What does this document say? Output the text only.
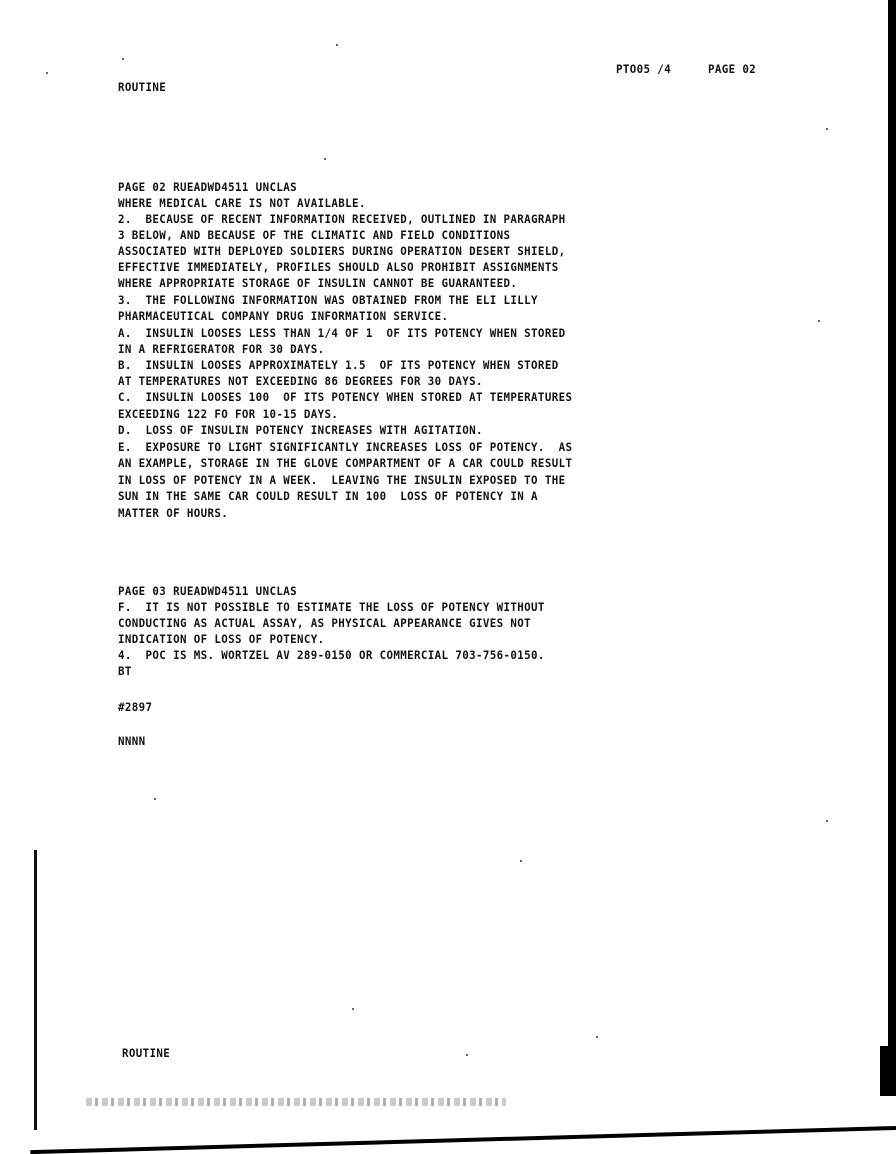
PTO05 /4	PAGE 02
ROUTINE
PAGE 02 RUEADWD4511 UNCLAS
WHERE MEDICAL CARE IS NOT AVAILABLE.
2.  BECAUSE OF RECENT INFORMATION RECEIVED, OUTLINED IN PARAGRAPH
3 BELOW, AND BECAUSE OF THE CLIMATIC AND FIELD CONDITIONS
ASSOCIATED WITH DEPLOYED SOLDIERS DURING OPERATION DESERT SHIELD,
EFFECTIVE IMMEDIATELY, PROFILES SHOULD ALSO PROHIBIT ASSIGNMENTS
WHERE APPROPRIATE STORAGE OF INSULIN CANNOT BE GUARANTEED.
3.  THE FOLLOWING INFORMATION WAS OBTAINED FROM THE ELI LILLY
PHARMACEUTICAL COMPANY DRUG INFORMATION SERVICE.
A.  INSULIN LOOSES LESS THAN 1/4 OF 1  OF ITS POTENCY WHEN STORED
IN A REFRIGERATOR FOR 30 DAYS.
B.  INSULIN LOOSES APPROXIMATELY 1.5  OF ITS POTENCY WHEN STORED
AT TEMPERATURES NOT EXCEEDING 86 DEGREES FOR 30 DAYS.
C.  INSULIN LOOSES 100  OF ITS POTENCY WHEN STORED AT TEMPERATURES
EXCEEDING 122 FO FOR 10-15 DAYS.
D.  LOSS OF INSULIN POTENCY INCREASES WITH AGITATION.
E.  EXPOSURE TO LIGHT SIGNIFICANTLY INCREASES LOSS OF POTENCY.  AS
AN EXAMPLE, STORAGE IN THE GLOVE COMPARTMENT OF A CAR COULD RESULT
IN LOSS OF POTENCY IN A WEEK.  LEAVING THE INSULIN EXPOSED TO THE
SUN IN THE SAME CAR COULD RESULT IN 100  LOSS OF POTENCY IN A
MATTER OF HOURS.
PAGE 03 RUEADWD4511 UNCLAS
F.  IT IS NOT POSSIBLE TO ESTIMATE THE LOSS OF POTENCY WITHOUT
CONDUCTING AS ACTUAL ASSAY, AS PHYSICAL APPEARANCE GIVES NOT
INDICATION OF LOSS OF POTENCY.
4.  POC IS MS. WORTZEL AV 289-0150 OR COMMERCIAL 703-756-0150.
BT
#2897
NNNN
ROUTINE
